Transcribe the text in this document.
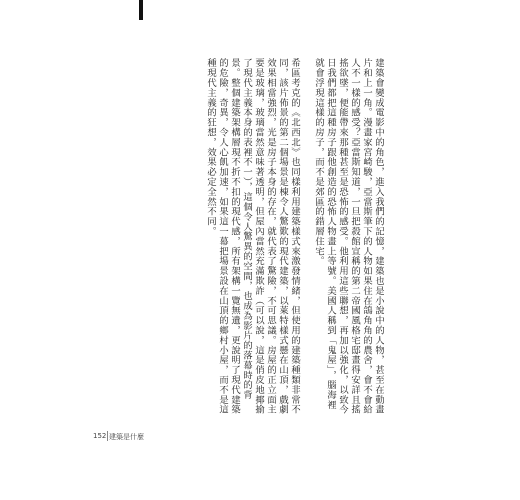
建築會變成電影中的角色，進入我們的記憶，建築也是小說中的人物，甚至在動畫片和上一角。漫畫家宮崎駿，亞當斯筆下的人物如果住在鴿角角的農舍，會不會給人不一樣的感受？亞當斯知道，一旦把殺館宣稱的第二帝國風格宅邸畫得安詳且搖搖欲墜，便能帶來那種甚至是恐怖的感受。他利用這些聯想，再加以強化，以致今日我們都把這種房子跟他創造的恐怖人物畫上等號。美國人稱到「鬼屋」，腦海裡就會浮現這樣的房子，而不是郊區的錯層住宅。
希區考克的《北西北》也同樣利用建築樣式來激發情緒，但使用的建築種類非常不同，該片佈景的第二個場景是棟令人驚歎的現代建築，以萊特樣式懸在山頂，戲劇效果相當強烈，光是房子本身的存在，就代表了驚險，不可思議。房屋的正立面主要是玻璃，玻璃當然意味著透明，但屋內當然充滿欺詐（可以說，這是俏皮地揶揄了現代主義本身的表裡不一），這個令人驚異的空間，也成為影片的落幕時的背景。整個建築架構層現不折不扣的現代感，所有架構一覽無遺，更說明了現代建築的危險，奇異，令人心飢加速，如果這一幕把場景設在山頂的鄉村小屋，而不是這種現代主義的狂想，效果必定全然不同。
152 建築是什麼
